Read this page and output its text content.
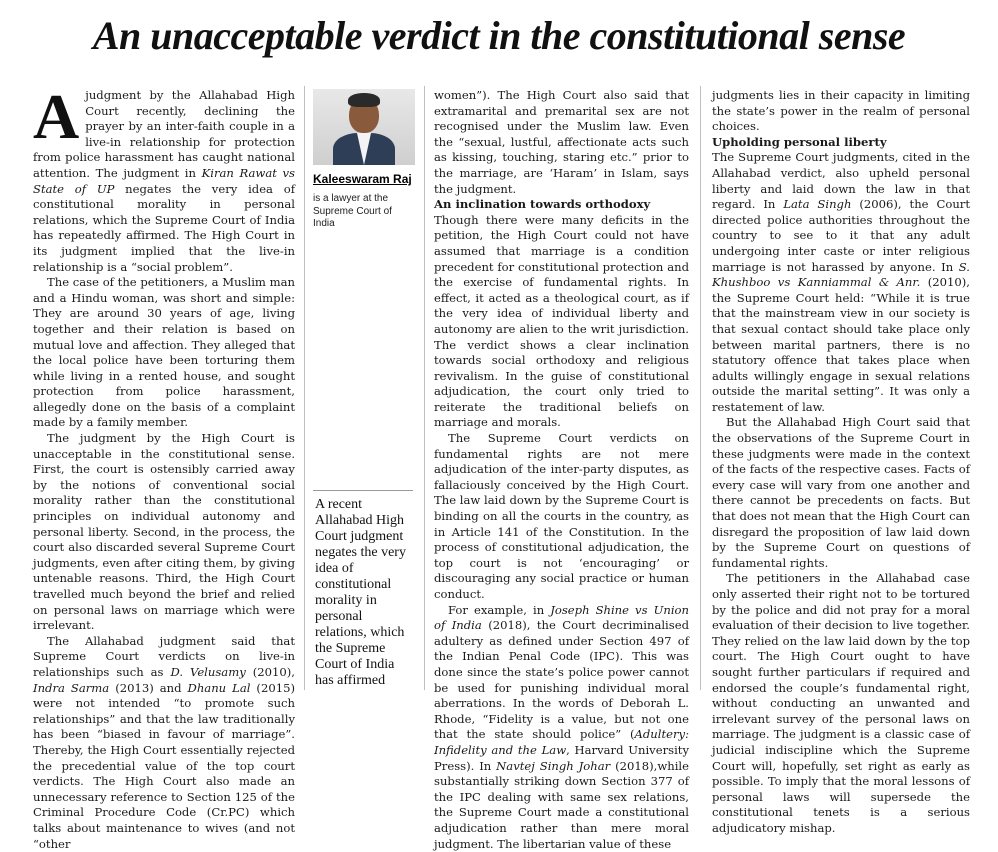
An unacceptable verdict in the constitutional sense

Ajudgment by the Allahabad High Court recently, declining the prayer by an inter-faith couple in a live-in relationship for protection from police harassment has caught national attention. The judgment in Kiran Rawat vs State of UP negates the very idea of constitutional morality in personal relations, which the Supreme Court of India has repeatedly affirmed. The High Court in its judgment implied that the live-in relationship is a “social problem”.

The case of the petitioners, a Muslim man and a Hindu woman, was short and simple: They are around 30 years of age, living together and their relation is based on mutual love and affection. They alleged that the local police have been torturing them while living in a rented house, and sought protection from police harassment, allegedly done on the basis of a complaint made by a family member.

The judgment by the High Court is unacceptable in the constitutional sense. First, the court is ostensibly carried away by the notions of conventional social morality rather than the constitutional principles on individual autonomy and personal liberty. Second, in the process, the court also discarded several Supreme Court judgments, even after citing them, by giving untenable reasons. Third, the High Court travelled much beyond the brief and relied on personal laws on marriage which were irrelevant.

The Allahabad judgment said that Supreme Court verdicts on live-in relationships such as D. Velusamy (2010), Indra Sarma (2013) and Dhanu Lal (2015) were not intended “to promote such relationships” and that the law traditionally has been “biased in favour of marriage”. Thereby, the High Court essentially rejected the precedential value of the top court verdicts. The High Court also made an unnecessary reference to Section 125 of the Criminal Procedure Code (Cr.PC) which talks about maintenance to wives (and not “other

Kaleeswaram Raj
is a lawyer at the Supreme Court of India
A recent Allahabad High Court judgment negates the very idea of constitutional morality in personal relations, which the Supreme Court of India has affirmed

women”). The High Court also said that extramarital and premarital sex are not recognised under the Muslim law. Even the “sexual, lustful, affectionate acts such as kissing, touching, staring etc.” prior to the marriage, are ‘Haram’ in Islam, says the judgment.

An inclination towards orthodoxy

Though there were many deficits in the petition, the High Court could not have assumed that marriage is a condition precedent for constitutional protection and the exercise of fundamental rights. In effect, it acted as a theological court, as if the very idea of individual liberty and autonomy are alien to the writ jurisdiction. The verdict shows a clear inclination towards social orthodoxy and religious revivalism. In the guise of constitutional adjudication, the court only tried to reiterate the traditional beliefs on marriage and morals.

The Supreme Court verdicts on fundamental rights are not mere adjudication of the inter-party disputes, as fallaciously conceived by the High Court. The law laid down by the Supreme Court is binding on all the courts in the country, as in Article 141 of the Constitution. In the process of constitutional adjudication, the top court is not ‘encouraging’ or discouraging any social practice or human conduct.

For example, in Joseph Shine vs Union of India (2018), the Court decriminalised adultery as defined under Section 497 of the Indian Penal Code (IPC). This was done since the state’s police power cannot be used for punishing individual moral aberrations. In the words of Deborah L. Rhode, “Fidelity is a value, but not one that the state should police” (Adultery: Infidelity and the Law, Harvard University Press). In Navtej Singh Johar (2018),while substantially striking down Section 377 of the IPC dealing with same sex relations, the Supreme Court made a constitutional adjudication rather than mere moral judgment. The libertarian value of these

judgments lies in their capacity in limiting the state’s power in the realm of personal choices.

Upholding personal liberty

The Supreme Court judgments, cited in the Allahabad verdict, also upheld personal liberty and laid down the law in that regard. In Lata Singh (2006), the Court directed police authorities throughout the country to see to it that any adult undergoing inter caste or inter religious marriage is not harassed by anyone. In S. Khushboo vs Kanniammal & Anr. (2010), the Supreme Court held: “While it is true that the mainstream view in our society is that sexual contact should take place only between marital partners, there is no statutory offence that takes place when adults willingly engage in sexual relations outside the marital setting”. It was only a restatement of law.

But the Allahabad High Court said that the observations of the Supreme Court in these judgments were made in the context of the facts of the respective cases. Facts of every case will vary from one another and there cannot be precedents on facts. But that does not mean that the High Court can disregard the proposition of law laid down by the Supreme Court on questions of fundamental rights.

The petitioners in the Allahabad case only asserted their right not to be tortured by the police and did not pray for a moral evaluation of their decision to live together. They relied on the law laid down by the top court. The High Court ought to have sought further particulars if required and endorsed the couple’s fundamental right, without conducting an unwanted and irrelevant survey of the personal laws on marriage. The judgment is a classic case of judicial indiscipline which the Supreme Court will, hopefully, set right as early as possible. To imply that the moral lessons of personal laws will supersede the constitutional tenets is a serious adjudicatory mishap.
